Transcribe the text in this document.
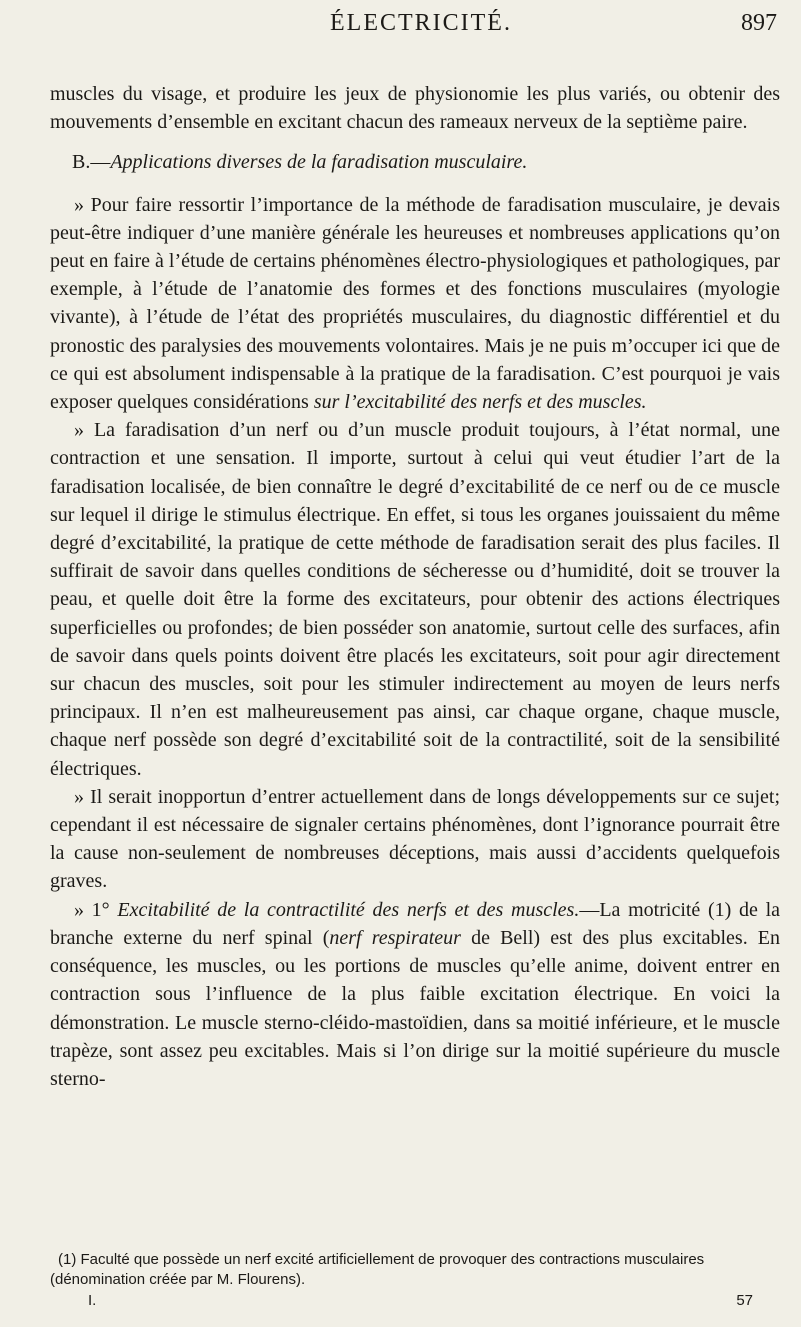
ÉLECTRICITÉ.	897

muscles du visage, et produire les jeux de physionomie les plus variés, ou obtenir des mouvements d’ensemble en excitant chacun des rameaux nerveux de la septième paire.

B.—Applications diverses de la faradisation musculaire.

» Pour faire ressortir l’importance de la méthode de faradisation musculaire, je devais peut-être indiquer d’une manière générale les heureuses et nombreuses applications qu’on peut en faire à l’étude de certains phénomènes électro-physiologiques et pathologiques, par exemple, à l’étude de l’anatomie des formes et des fonctions musculaires (myologie vivante), à l’étude de l’état des propriétés musculaires, du diagnostic différentiel et du pronostic des paralysies des mouvements volontaires. Mais je ne puis m’occuper ici que de ce qui est absolument indispensable à la pratique de la faradisation. C’est pourquoi je vais exposer quelques considérations sur l’excitabilité des nerfs et des muscles.

» La faradisation d’un nerf ou d’un muscle produit toujours, à l’état normal, une contraction et une sensation. Il importe, surtout à celui qui veut étudier l’art de la faradisation localisée, de bien connaître le degré d’excitabilité de ce nerf ou de ce muscle sur lequel il dirige le stimulus électrique. En effet, si tous les organes jouissaient du même degré d’excitabilité, la pratique de cette méthode de faradisation serait des plus faciles. Il suffirait de savoir dans quelles conditions de sécheresse ou d’humidité, doit se trouver la peau, et quelle doit être la forme des excitateurs, pour obtenir des actions électriques superficielles ou profondes; de bien posséder son anatomie, surtout celle des surfaces, afin de savoir dans quels points doivent être placés les excitateurs, soit pour agir directement sur chacun des muscles, soit pour les stimuler indirectement au moyen de leurs nerfs principaux. Il n’en est malheureusement pas ainsi, car chaque organe, chaque muscle, chaque nerf possède son degré d’excitabilité soit de la contractilité, soit de la sensibilité électriques.

» Il serait inopportun d’entrer actuellement dans de longs développements sur ce sujet; cependant il est nécessaire de signaler certains phénomènes, dont l’ignorance pourrait être la cause non-seulement de nombreuses déceptions, mais aussi d’accidents quelquefois graves.

» 1° Excitabilité de la contractilité des nerfs et des muscles.—La motricité (1) de la branche externe du nerf spinal (nerf respirateur de Bell) est des plus excitables. En conséquence, les muscles, ou les portions de muscles qu’elle anime, doivent entrer en contraction sous l’influence de la plus faible excitation électrique. En voici la démonstration. Le muscle sterno-cléido-mastoïdien, dans sa moitié inférieure, et le muscle trapèze, sont assez peu excitables. Mais si l’on dirige sur la moitié supérieure du muscle sterno-

(1) Faculté que possède un nerf excité artificiellement de provoquer des contractions musculaires (dénomination créée par M. Flourens).

I.	57
